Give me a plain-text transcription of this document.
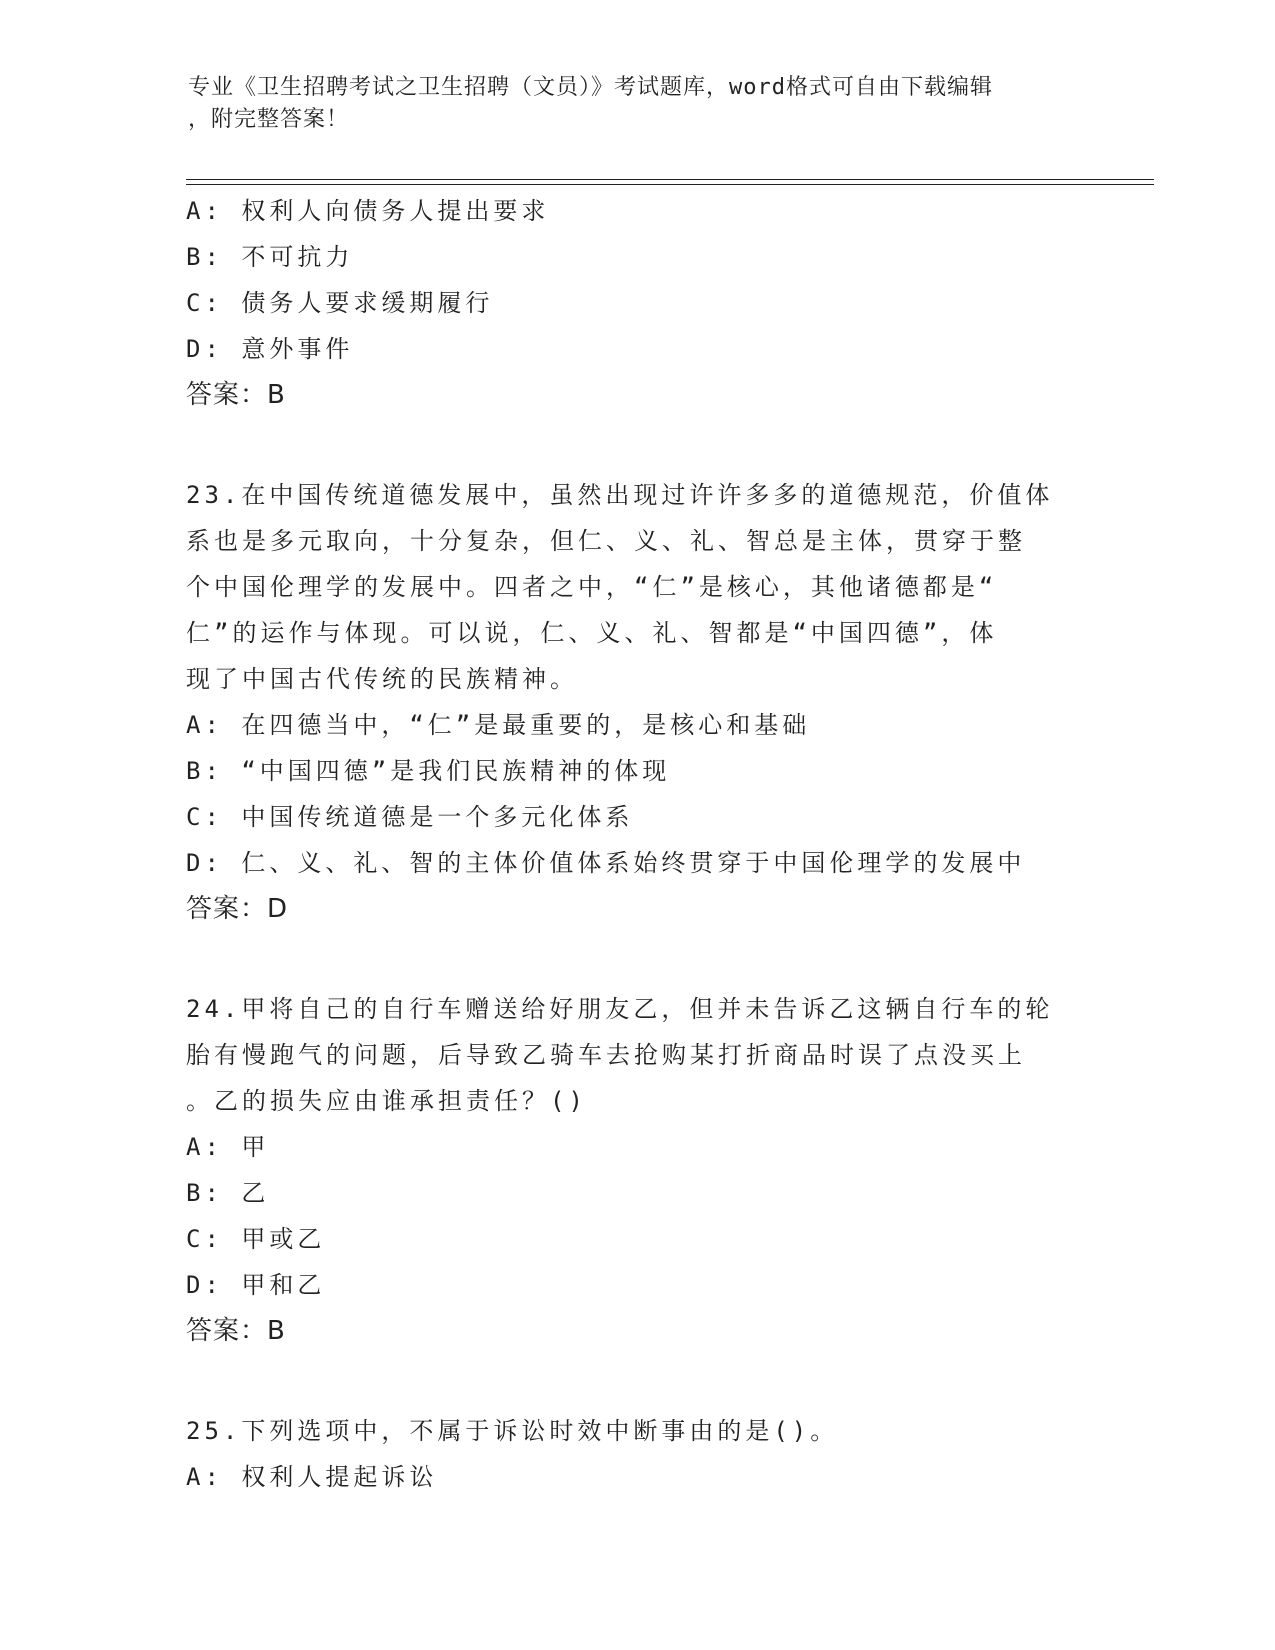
专业《卫生招聘考试之卫生招聘（文员）》考试题库，word格式可自由下载编辑
，附完整答案！
A: 权利人向债务人提出要求
B: 不可抗力
C: 债务人要求缓期履行
D: 意外事件
答案：B
23.在中国传统道德发展中，虽然出现过许许多多的道德规范，价值体
系也是多元取向，十分复杂，但仁、义、礼、智总是主体，贯穿于整
个中国伦理学的发展中。四者之中，“仁”是核心，其他诸德都是“
仁”的运作与体现。可以说，仁、义、礼、智都是“中国四德”，体
现了中国古代传统的民族精神。
A: 在四德当中，“仁”是最重要的，是核心和基础
B: “中国四德”是我们民族精神的体现
C: 中国传统道德是一个多元化体系
D: 仁、义、礼、智的主体价值体系始终贯穿于中国伦理学的发展中
答案：D
24.甲将自己的自行车赠送给好朋友乙，但并未告诉乙这辆自行车的轮
胎有慢跑气的问题，后导致乙骑车去抢购某打折商品时误了点没买上
。乙的损失应由谁承担责任？()
A: 甲
B: 乙
C: 甲或乙
D: 甲和乙
答案：B
25.下列选项中，不属于诉讼时效中断事由的是()。
A: 权利人提起诉讼
